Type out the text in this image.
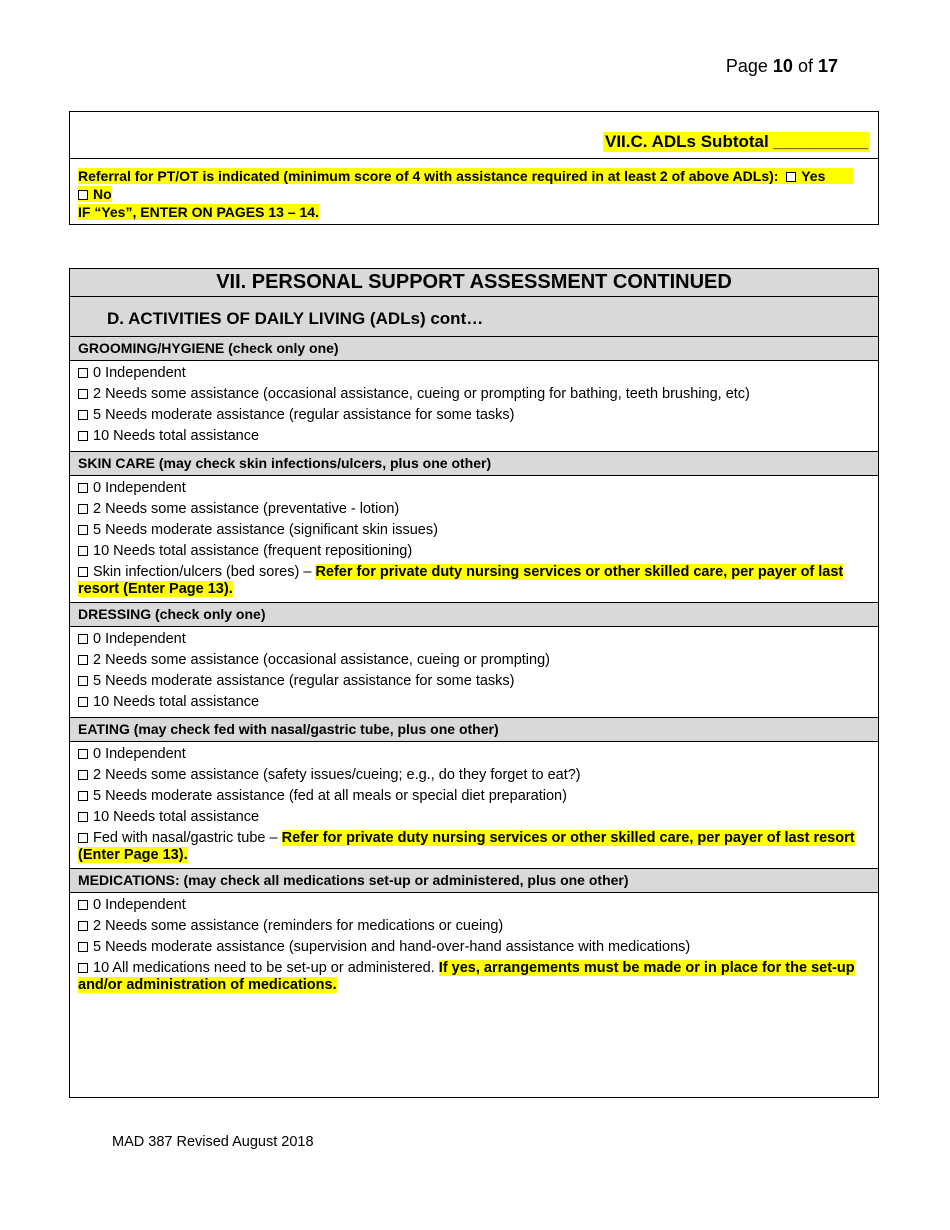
Page 10 of 17
VII.C. ADLs Subtotal __________
Referral for PT/OT is indicated (minimum score of 4 with assistance required in at least 2 of above ADLs): Yes        No
IF “Yes”, ENTER ON PAGES 13 – 14.
VII. PERSONAL SUPPORT ASSESSMENT CONTINUED
D. ACTIVITIES OF DAILY LIVING (ADLs) cont…
GROOMING/HYGIENE (check only one)
0 Independent
2 Needs some assistance (occasional assistance, cueing or prompting for bathing, teeth brushing, etc)
5 Needs moderate assistance (regular assistance for some tasks)
10 Needs total assistance
SKIN CARE (may check skin infections/ulcers, plus one other)
0 Independent
2 Needs some assistance (preventative - lotion)
5 Needs moderate assistance (significant skin issues)
10 Needs total assistance (frequent repositioning)
Skin infection/ulcers (bed sores) – Refer for private duty nursing services or other skilled care, per payer of last resort (Enter Page 13).
DRESSING (check only one)
0 Independent
2 Needs some assistance (occasional assistance, cueing or prompting)
5 Needs moderate assistance (regular assistance for some tasks)
10 Needs total assistance
EATING (may check fed with nasal/gastric tube, plus one other)
0 Independent
2 Needs some assistance (safety issues/cueing; e.g., do they forget to eat?)
5 Needs moderate assistance (fed at all meals or special diet preparation)
10 Needs total assistance
Fed with nasal/gastric tube – Refer for private duty nursing services or other skilled care, per payer of last resort (Enter Page 13).
MEDICATIONS: (may check all medications set-up or administered, plus one other)
0 Independent
2 Needs some assistance (reminders for medications or cueing)
5 Needs moderate assistance (supervision and hand-over-hand assistance with medications)
10 All medications need to be set-up or administered. If yes, arrangements must be made or in place for the set-up and/or administration of medications.
MAD 387 Revised August 2018
